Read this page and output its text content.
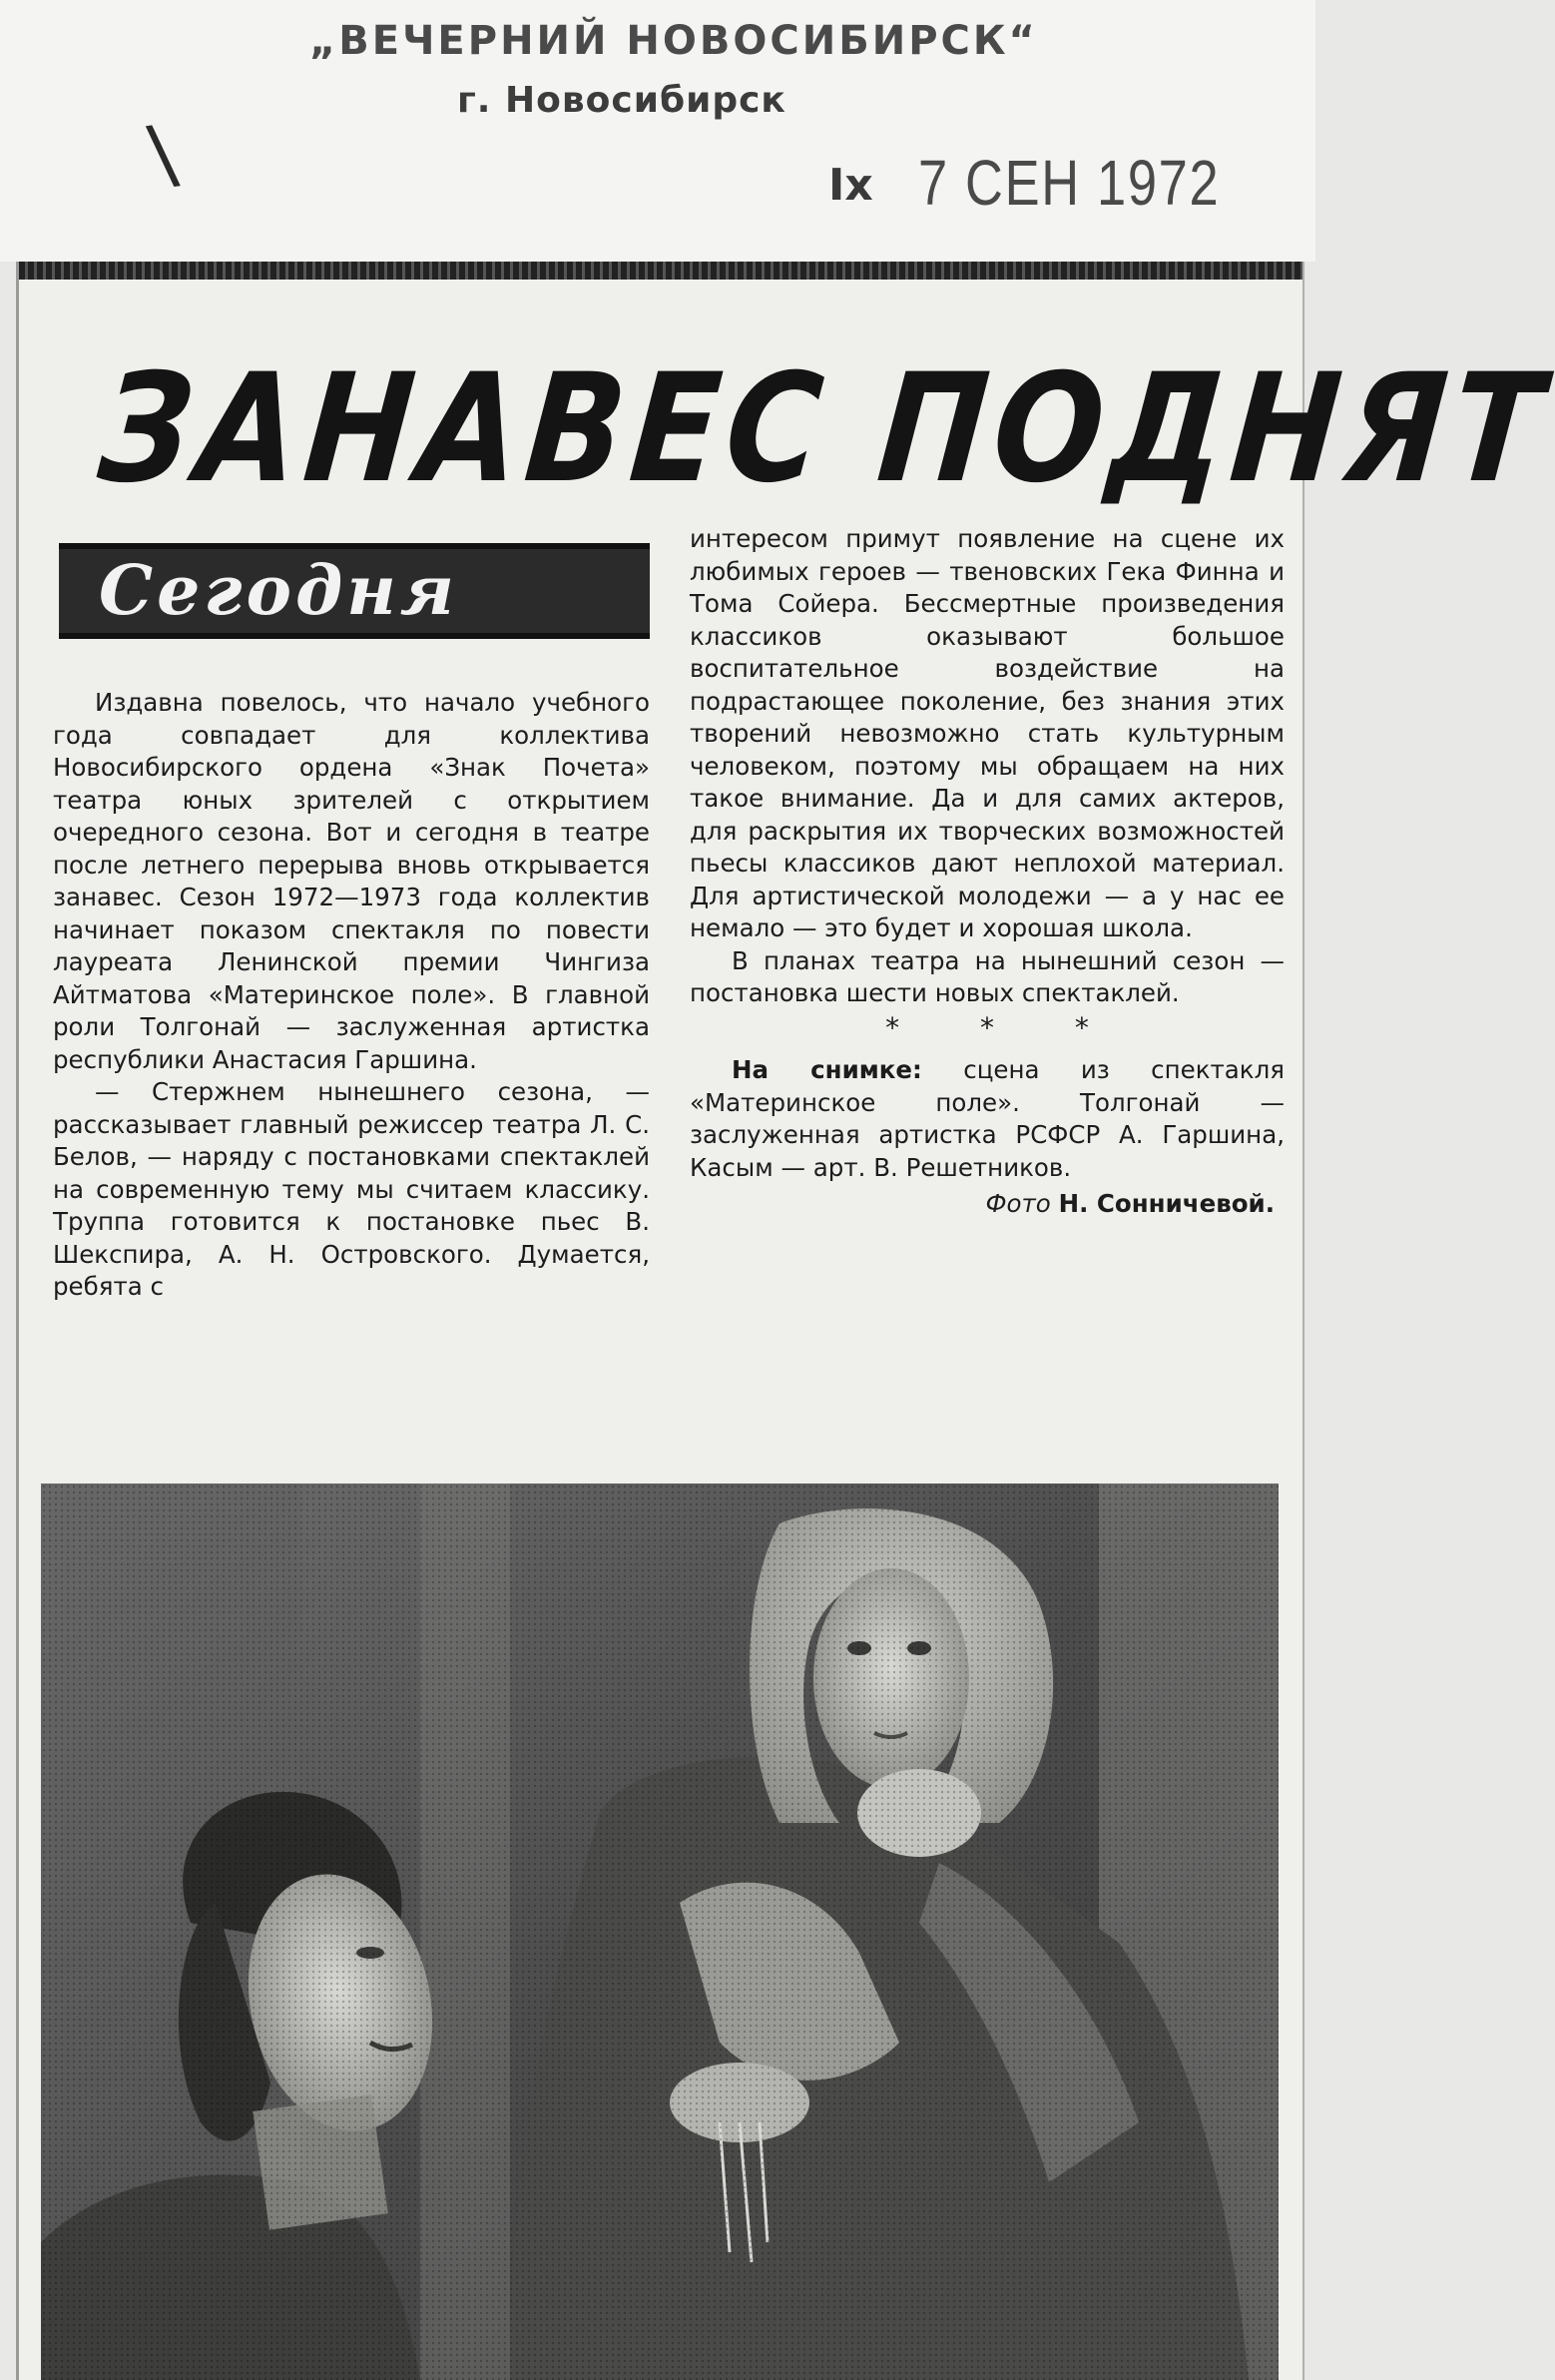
„ВЕЧЕРНИЙ НОВОСИБИРСК“
г. Новосибирск
\	Ix 7 СЕН 1972
ЗАНАВЕС ПОДНЯТ
Сегодня

Издавна повелось, что начало учебного года совпадает для коллектива Новосибирского ордена «Знак Почета» театра юных зрителей с открытием очередного сезона. Вот и сегодня в театре после летнего перерыва вновь открывается занавес. Сезон 1972—1973 года коллектив начинает показом спектакля по повести лауреата Ленинской премии Чингиза Айтматова «Материнское поле». В главной роли Толгонай — заслуженная артистка республики Анастасия Гаршина.

— Стержнем нынешнего сезона, — рассказывает главный режиссер театра Л. С. Белов, — наряду с постановками спектаклей на современную тему мы считаем классику. Труппа готовится к постановке пьес В. Шекспира, А. Н. Островского. Думается, ребята с

интересом примут появление на сцене их любимых героев — твеновских Гека Финна и Тома Сойера. Бессмертные произведения классиков оказывают большое воспитательное воздействие на подрастающее поколение, без знания этих творений невозможно стать культурным человеком, поэтому мы обращаем на них такое внимание. Да и для самих актеров, для раскрытия их творческих возможностей пьесы классиков дают неплохой материал. Для артистической молодежи — а у нас ее немало — это будет и хорошая школа.

В планах театра на нынешний сезон — постановка шести новых спектаклей.

* * *

На снимке: сцена из спектакля «Материнское поле». Толгонай — заслуженная артистка РСФСР А. Гаршина, Касым — арт. В. Решетников.

Фото Н. Сонничевой.
